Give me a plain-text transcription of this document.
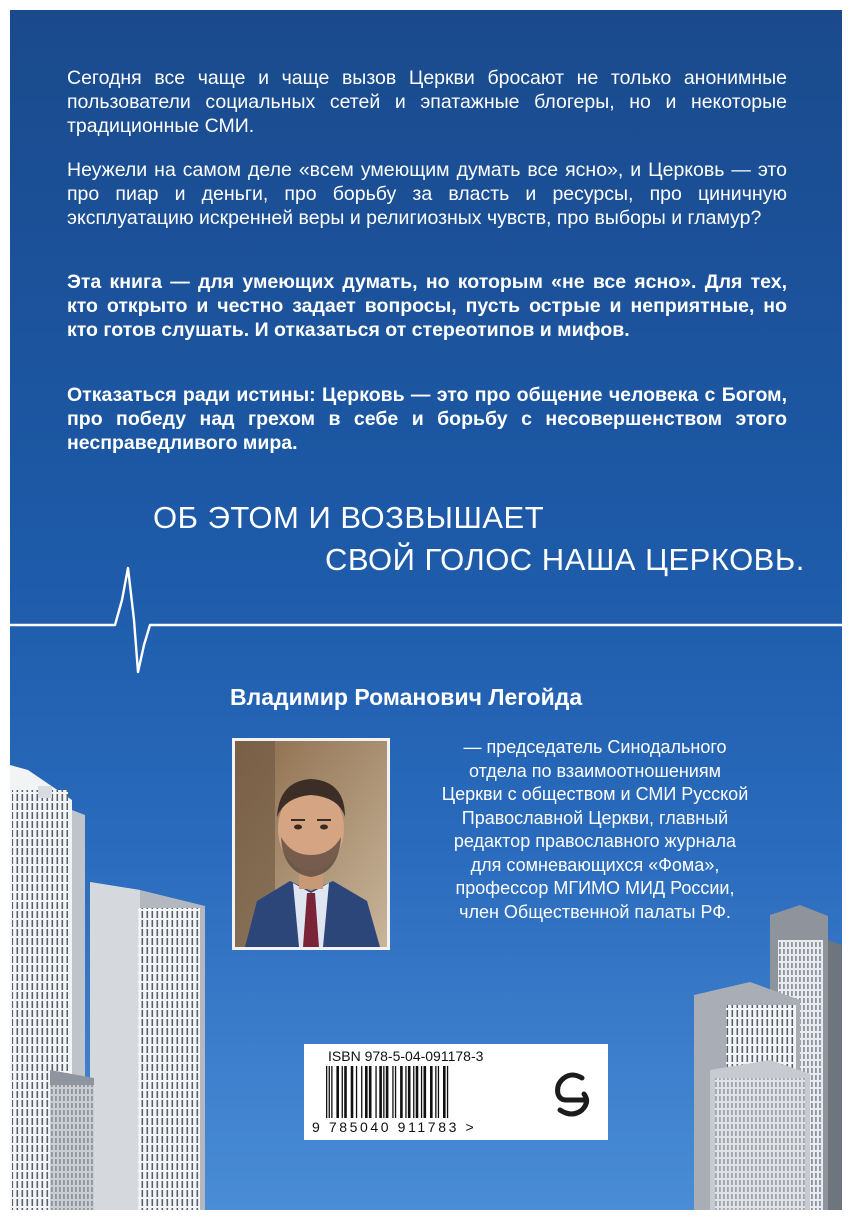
Сегодня все чаще и чаще вызов Церкви бросают не только анонимные пользователи социальных сетей и эпатажные блогеры, но и некоторые традиционные СМИ.

Неужели на самом деле «всем умеющим думать все ясно», и Церковь — это про пиар и деньги, про борьбу за власть и ресурсы, про циничную эксплуатацию искренней веры и религиозных чувств, про выборы и гламур?

Эта книга — для умеющих думать, но которым «не все ясно». Для тех, кто открыто и честно задает вопросы, пусть острые и неприятные, но кто готов слушать. И отказаться от стереотипов и мифов.

Отказаться ради истины: Церковь — это про общение человека с Богом, про победу над грехом в себе и борьбу с несовершенством этого несправедливого мира.

ОБ ЭТОМ И ВОЗВЫШАЕТ

СВОЙ ГОЛОС НАША ЦЕРКОВЬ.

Владимир Романович Легойда

— председатель Синодального
отдела по взаимоотношениям
Церкви с обществом и СМИ Русской
Православной Церкви, главный
редактор православного журнала
для сомневающихся «Фома»,
профессор МГИМО МИД России,
член Общественной палаты РФ.

ISBN 978-5-04-091178-3

9 785040 911783 >
